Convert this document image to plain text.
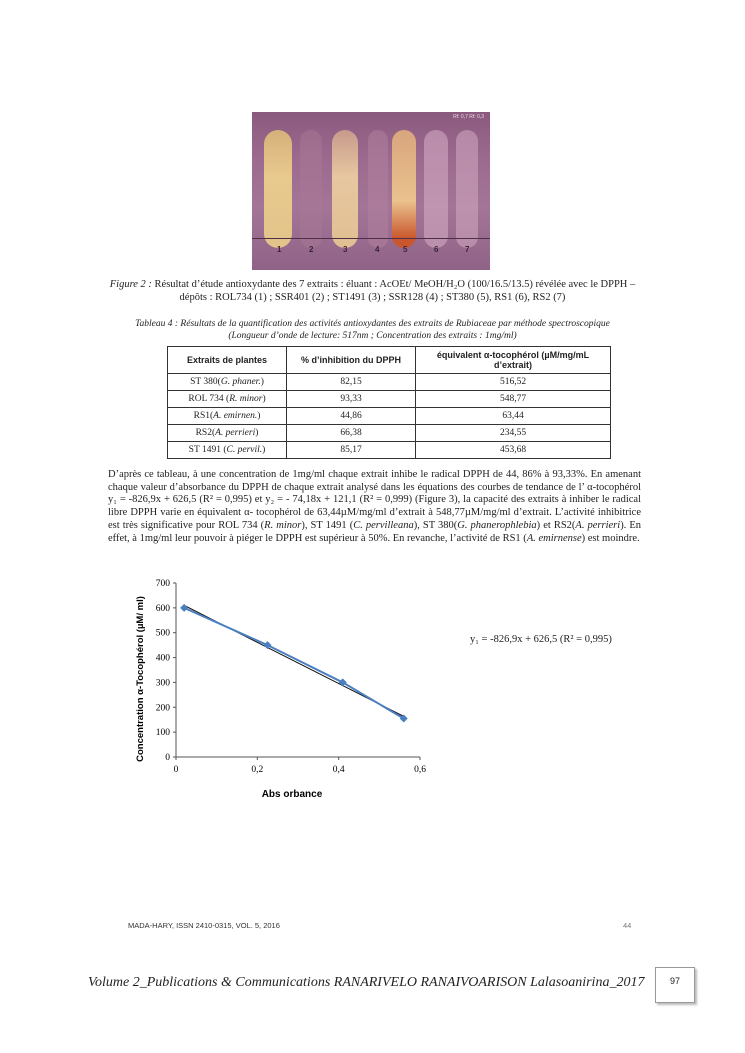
Rf: 0,7 Rf: 0,3
1	2	3	4	5	6	7
Figure 2 : Résultat d’étude antioxydante des 7 extraits : éluant : AcOEt/ MeOH/H₂O (100/16.5/13.5) révélée avec le DPPH – dépôts : ROL734 (1) ; SSR401 (2) ; ST1491 (3) ; SSR128 (4) ; ST380 (5), RS1 (6), RS2 (7)
Tableau 4 : Résultats de la quantification des activités antioxydantes des extraits de Rubiaceae par méthode spectroscopique
(Longueur d’onde de lecture: 517nm ; Concentration des extraits : 1mg/ml)
Extraits de plantes	% d’inhibition du DPPH	équivalent α-tocophérol (µM/mg/mL d’extrait)
ST 380(G. phaner.)	82,15	516,52
ROL 734 (R. minor)	93,33	548,77
RS1(A. emirnen.)	44,86	63,44
RS2(A. perrieri)	66,38	234,55
ST 1491 (C. pervil.)	85,17	453,68
D’après ce tableau, à une concentration de 1mg/ml chaque extrait inhibe le radical DPPH de 44, 86% à 93,33%. En amenant chaque valeur d’absorbance du DPPH de chaque extrait analysé dans les équations des courbes de tendance de l’ α-tocophérol y₁ = -826,9x + 626,5 (R² = 0,995) et y₂ = - 74,18x + 121,1 (R² = 0,999) (Figure 3), la capacité des extraits à inhiber le radical libre DPPH varie en équivalent α- tocophérol de 63,44µM/mg/ml d’extrait à 548,77µM/mg/ml d’extrait. L’activité inhibitrice est très significative pour ROL 734 (R. minor), ST 1491 (C. pervilleana), ST 380(G. phanerophlebia) et RS2(A. perrieri). En effet, à 1mg/ml leur pouvoir à piéger le DPPH est supérieur à 50%. En revanche, l’activité de RS1 (A. emirnense) est moindre.
0
100
200
300
400
500
600
700
0	0,2	0,4	0,6
Abs orbance
Concentration α-Tocophérol (µM/ ml)	y₁ = -826,9x + 626,5 (R² = 0,995)
MADA-HARY, ISSN 2410-0315, VOL. 5, 2016	44
Volume 2_Publications & Communications RANARIVELO RANAIVOARISON Lalasoanirina_2017	97
